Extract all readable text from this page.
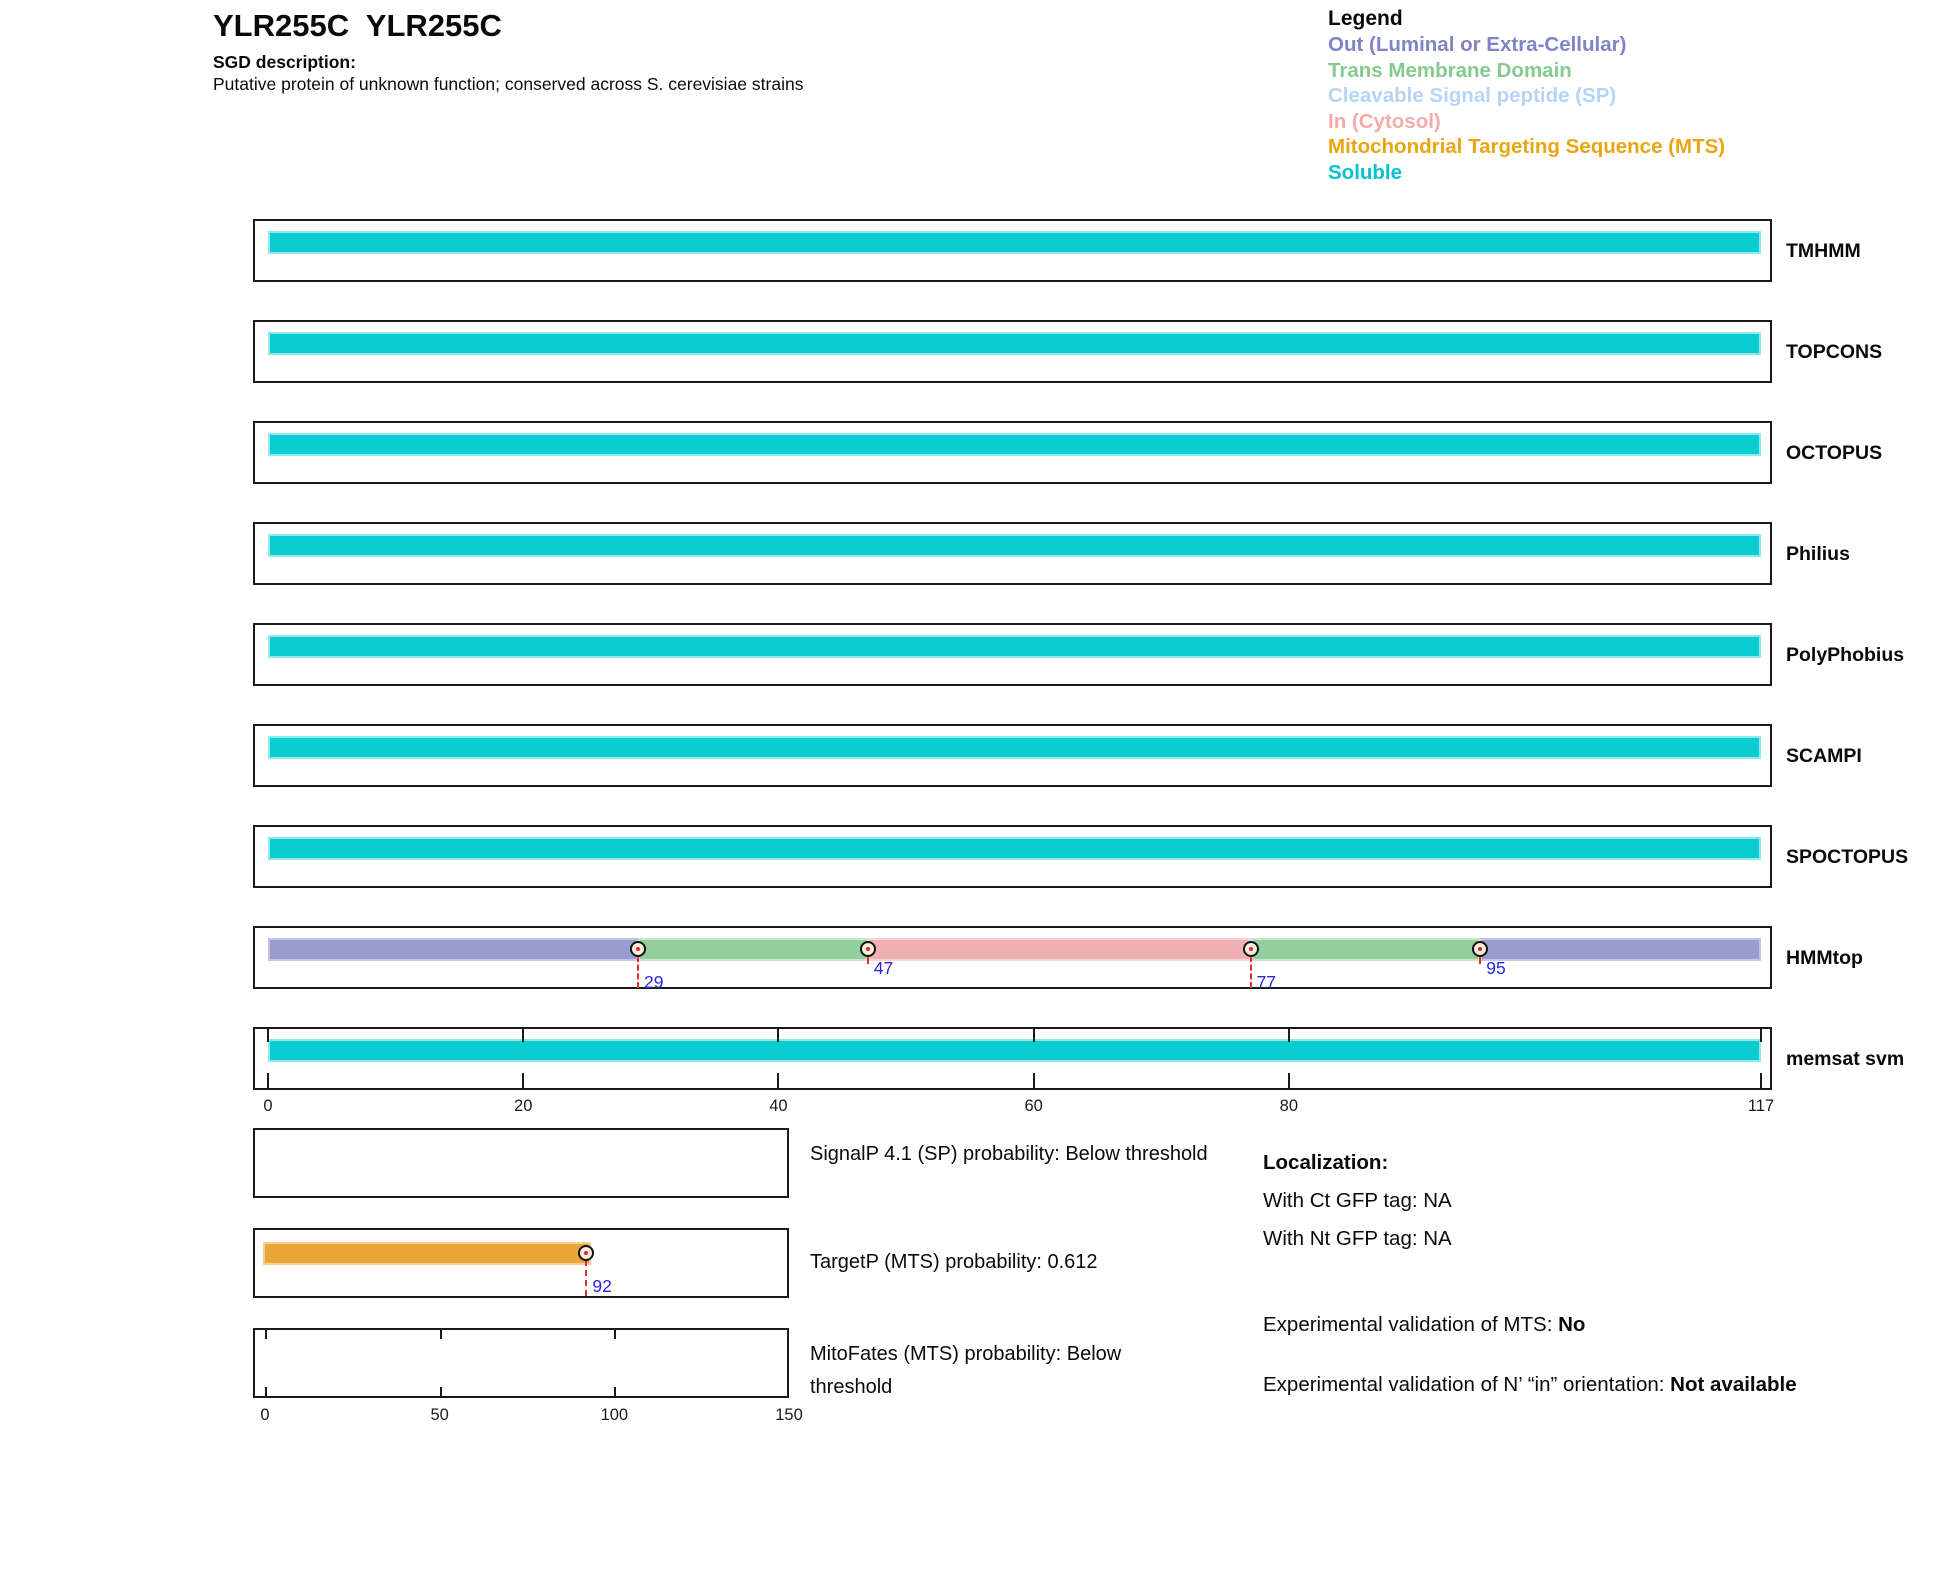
YLR255C  YLR255C
SGD description:
Putative protein of unknown function; conserved across S. cerevisiae strains
Legend
Out (Luminal or Extra-Cellular)
Trans Membrane Domain
Cleavable Signal peptide (SP)
In (Cytosol)
Mitochondrial Targeting Sequence (MTS)
Soluble
TMHMM
TOPCONS
OCTOPUS
Philius
PolyPhobius
SCAMPI
SPOCTOPUS
29
47
77
95	HMMtop
memsat svm
0	20	40	60	80	117
SignalP 4.1 (SP) probability: Below threshold
92
TargetP (MTS) probability: 0.612
0	50	100	150
MitoFates (MTS) probability: Below threshold
Localization:
With Ct GFP tag: NA
With Nt GFP tag: NA
Experimental validation of MTS: No
Experimental validation of N’ “in” orientation: Not available
